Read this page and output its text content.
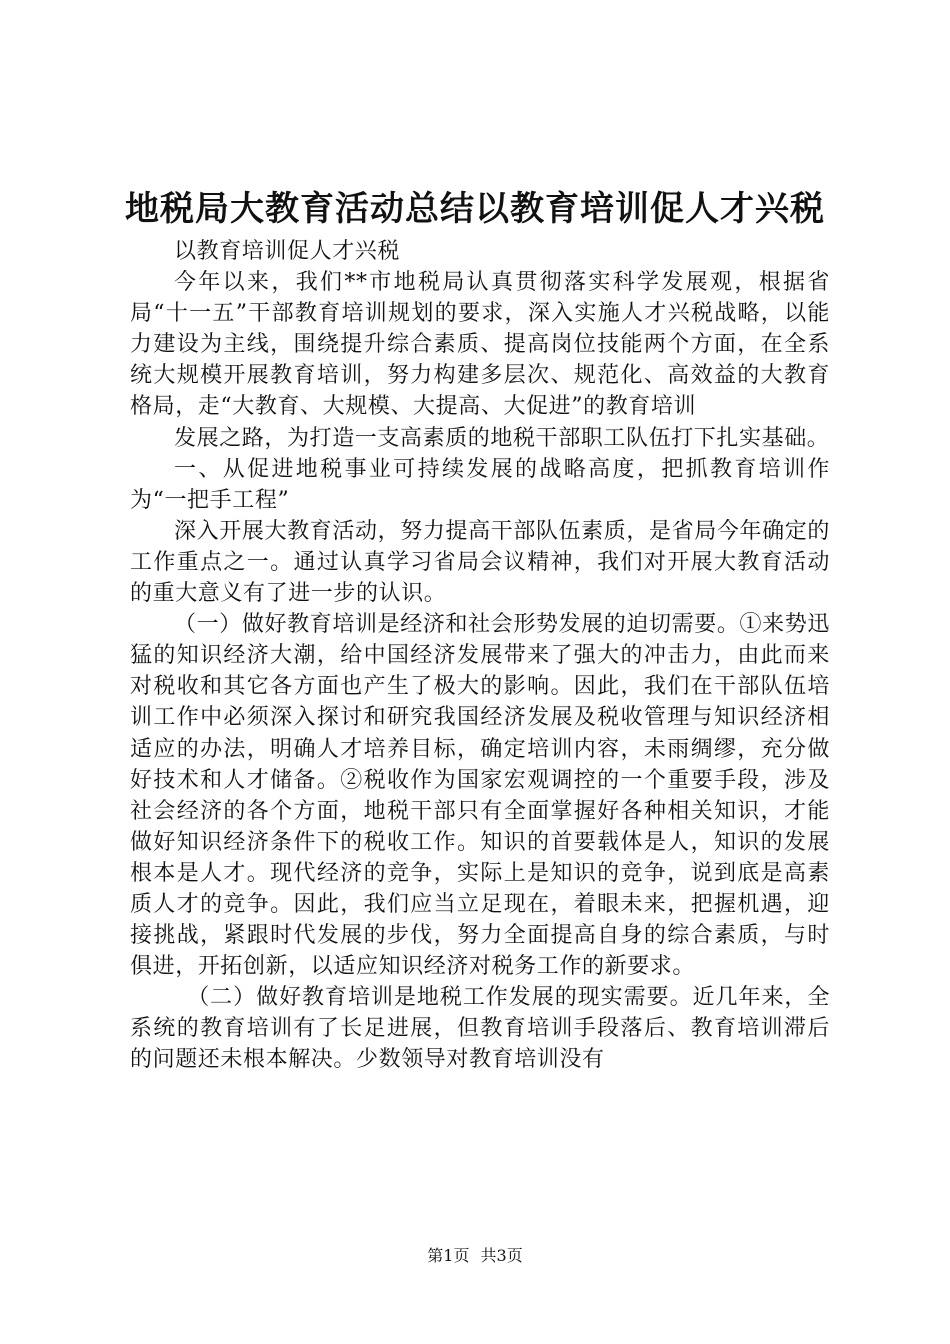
地税局大教育活动总结以教育培训促人才兴税

以教育培训促人才兴税

今年以来，我们**市地税局认真贯彻落实科学发展观，根据省局“十一五”干部教育培训规划的要求，深入实施人才兴税战略，以能力建设为主线，围绕提升综合素质、提高岗位技能两个方面，在全系统大规模开展教育培训，努力构建多层次、规范化、高效益的大教育格局，走“大教育、大规模、大提高、大促进”的教育培训

发展之路，为打造一支高素质的地税干部职工队伍打下扎实基础。

一、从促进地税事业可持续发展的战略高度，把抓教育培训作为“一把手工程”

深入开展大教育活动，努力提高干部队伍素质，是省局今年确定的工作重点之一。通过认真学习省局会议精神，我们对开展大教育活动的重大意义有了进一步的认识。

（一）做好教育培训是经济和社会形势发展的迫切需要。①来势迅猛的知识经济大潮，给中国经济发展带来了强大的冲击力，由此而来对税收和其它各方面也产生了极大的影响。因此，我们在干部队伍培训工作中必须深入探讨和研究我国经济发展及税收管理与知识经济相适应的办法，明确人才培养目标，确定培训内容，未雨绸缪，充分做好技术和人才储备。②税收作为国家宏观调控的一个重要手段，涉及社会经济的各个方面，地税干部只有全面掌握好各种相关知识，才能做好知识经济条件下的税收工作。知识的首要载体是人，知识的发展根本是人才。现代经济的竞争，实际上是知识的竞争，说到底是高素质人才的竞争。因此，我们应当立足现在，着眼未来，把握机遇，迎接挑战，紧跟时代发展的步伐，努力全面提高自身的综合素质，与时俱进，开拓创新，以适应知识经济对税务工作的新要求。

（二）做好教育培训是地税工作发展的现实需要。近几年来，全系统的教育培训有了长足进展，但教育培训手段落后、教育培训滞后的问题还未根本解决。少数领导对教育培训没有

第1页 共3页
